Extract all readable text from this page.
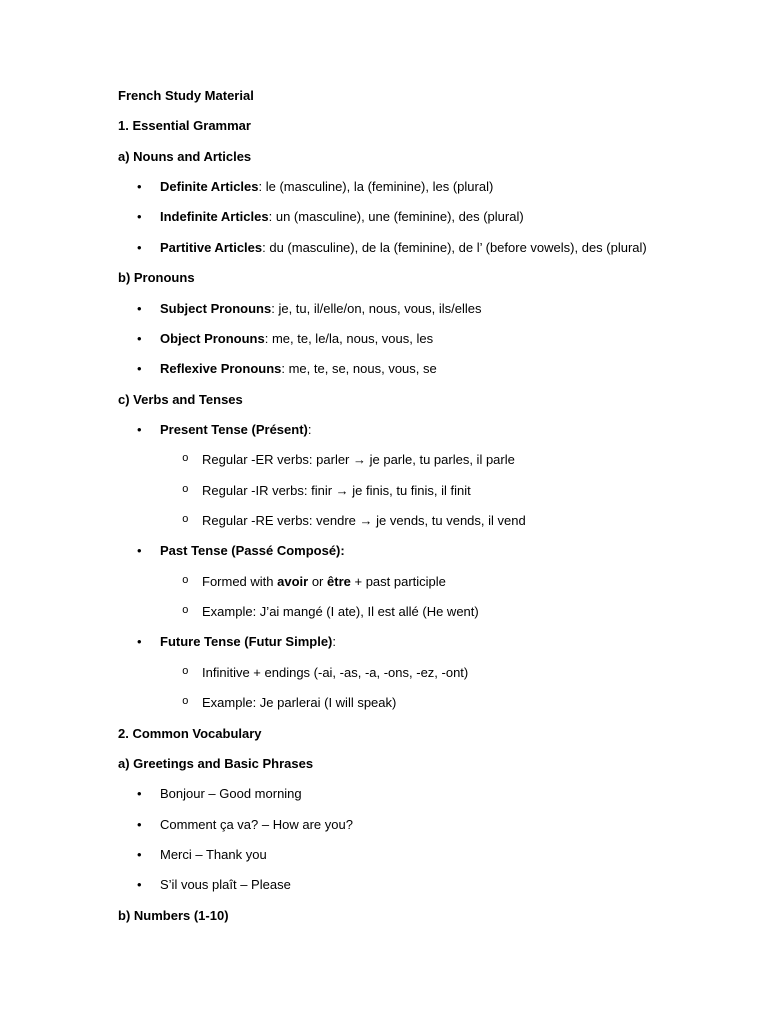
French Study Material
1. Essential Grammar
a) Nouns and Articles
• Definite Articles: le (masculine), la (feminine), les (plural)
• Indefinite Articles: un (masculine), une (feminine), des (plural)
• Partitive Articles: du (masculine), de la (feminine), de l’ (before vowels), des (plural)
b) Pronouns
• Subject Pronouns: je, tu, il/elle/on, nous, vous, ils/elles
• Object Pronouns: me, te, le/la, nous, vous, les
• Reflexive Pronouns: me, te, se, nous, vous, se
c) Verbs and Tenses
• Present Tense (Présent):
o Regular -ER verbs: parler → je parle, tu parles, il parle
o Regular -IR verbs: finir → je finis, tu finis, il finit
o Regular -RE verbs: vendre → je vends, tu vends, il vend
• Past Tense (Passé Composé):
o Formed with avoir or être + past participle
o Example: J’ai mangé (I ate), Il est allé (He went)
• Future Tense (Futur Simple):
o Infinitive + endings (-ai, -as, -a, -ons, -ez, -ont)
o Example: Je parlerai (I will speak)
2. Common Vocabulary
a) Greetings and Basic Phrases
• Bonjour – Good morning
• Comment ça va? – How are you?
• Merci – Thank you
• S’il vous plaît – Please
b) Numbers (1-10)
